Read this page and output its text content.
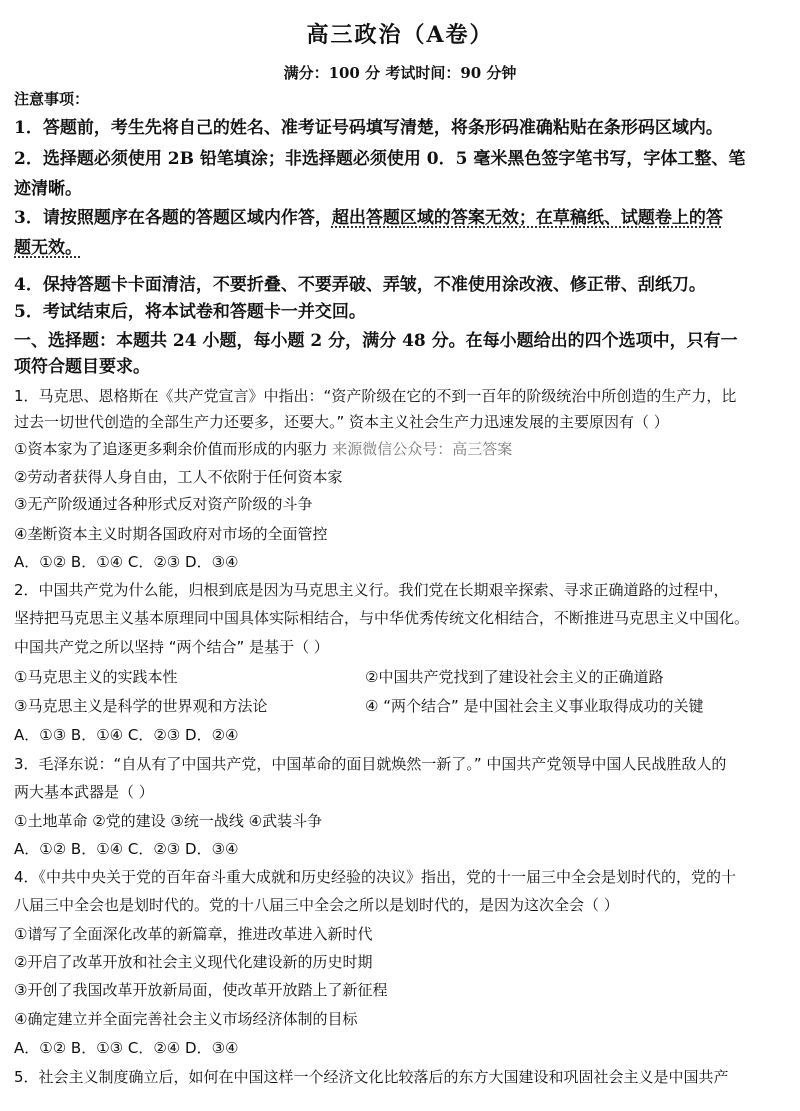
高三政治（A卷）
满分：100 分 考试时间：90 分钟
注意事项：
1．答题前，考生先将自己的姓名、准考证号码填写清楚，将条形码准确粘贴在条形码区域内。
2．选择题必须使用 2B 铅笔填涂；非选择题必须使用 0．5 毫米黑色签字笔书写，字体工整、笔
迹清晰。
3．请按照题序在各题的答题区域内作答，超出答题区域的答案无效；在草稿纸、试题卷上的答
题无效。
4．保持答题卡卡面清洁，不要折叠、不要弄破、弄皱，不准使用涂改液、修正带、刮纸刀。
5．考试结束后，将本试卷和答题卡一并交回。
一、选择题：本题共 24 小题，每小题 2 分，满分 48 分。在每小题给出的四个选项中，只有一
项符合题目要求。
1．马克思、恩格斯在《共产党宣言》中指出：“资产阶级在它的不到一百年的阶级统治中所创造的生产力，比
过去一切世代创造的全部生产力还要多，还要大。” 资本主义社会生产力迅速发展的主要原因有（ ）
①资本家为了追逐更多剩余价值而形成的内驱力 来源微信公众号：高三答案
②劳动者获得人身自由，工人不依附于任何资本家
③无产阶级通过各种形式反对资产阶级的斗争
④垄断资本主义时期各国政府对市场的全面管控
A．①② B．①④ C．②③ D．③④
2．中国共产党为什么能，归根到底是因为马克思主义行。我们党在长期艰辛探索、寻求正确道路的过程中，
坚持把马克思主义基本原理同中国具体实际相结合，与中华优秀传统文化相结合，不断推进马克思主义中国化。
中国共产党之所以坚持 “两个结合” 是基于（ ）
①马克思主义的实践本性	②中国共产党找到了建设社会主义的正确道路
③马克思主义是科学的世界观和方法论	④ “两个结合” 是中国社会主义事业取得成功的关键
A．①③ B．①④ C．②③ D．②④
3．毛泽东说：“自从有了中国共产党，中国革命的面目就焕然一新了。” 中国共产党领导中国人民战胜敌人的
两大基本武器是（ ）
①土地革命 ②党的建设 ③统一战线 ④武装斗争
A．①② B．①④ C．②③ D．③④
4．《中共中央关于党的百年奋斗重大成就和历史经验的决议》指出，党的十一届三中全会是划时代的，党的十
八届三中全会也是划时代的。党的十八届三中全会之所以是划时代的，是因为这次全会（ ）
①谱写了全面深化改革的新篇章，推进改革进入新时代
②开启了改革开放和社会主义现代化建设新的历史时期
③开创了我国改革开放新局面，使改革开放踏上了新征程
④确定建立并全面完善社会主义市场经济体制的目标
A．①② B．①③ C．②④ D．③④
5．社会主义制度确立后，如何在中国这样一个经济文化比较落后的东方大国建设和巩固社会主义是中国共产
